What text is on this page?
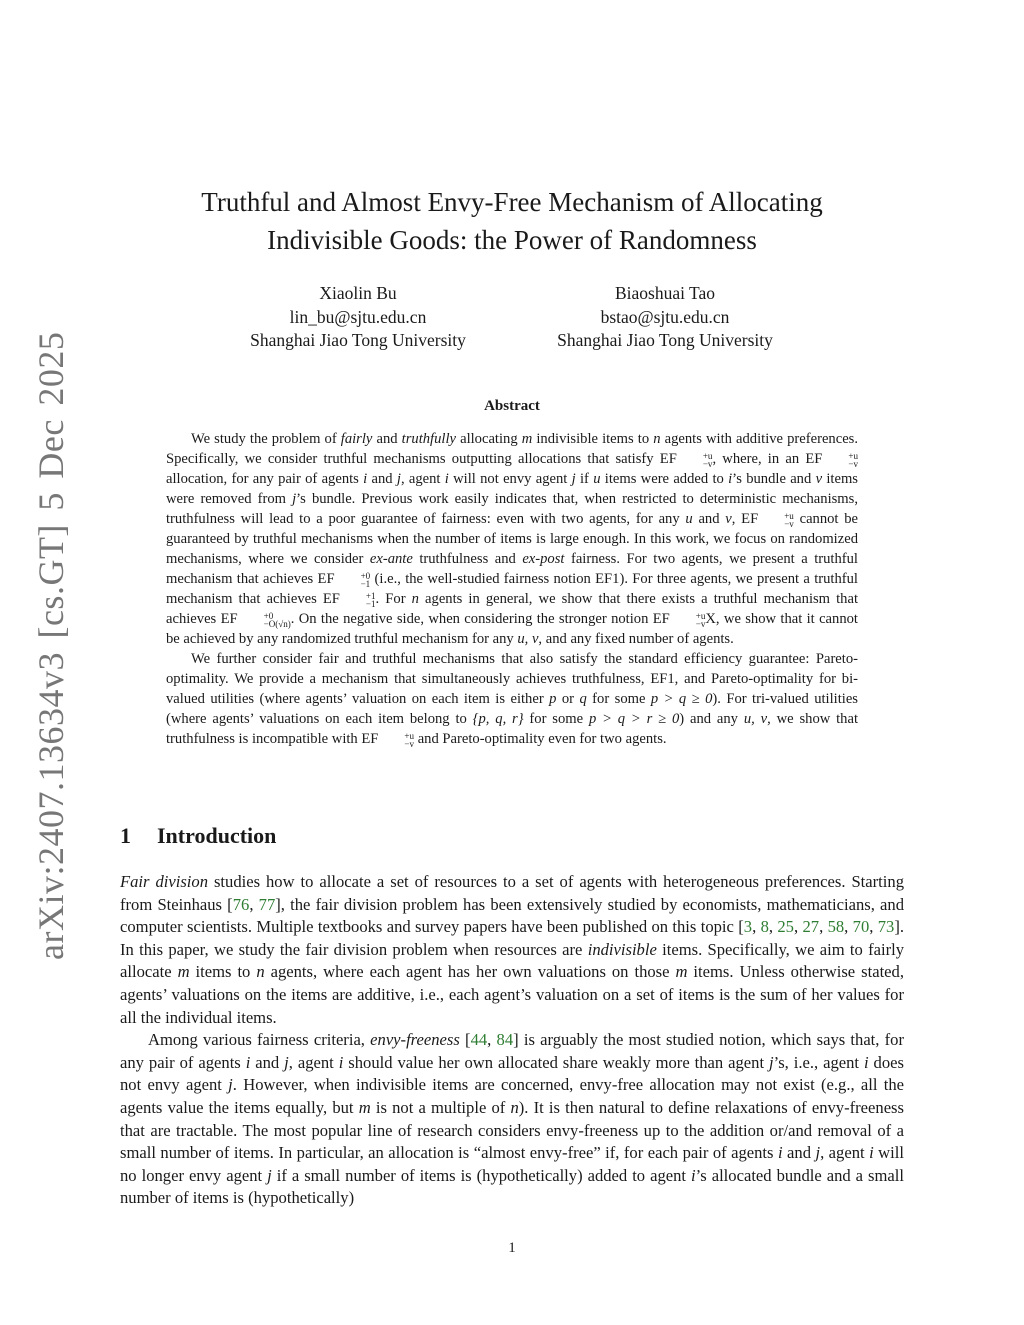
arXiv:2407.13634v3 [cs.GT] 5 Dec 2025
Truthful and Almost Envy-Free Mechanism of Allocating
Indivisible Goods: the Power of Randomness
Xiaolin Bu
lin_bu@sjtu.edu.cn
Shanghai Jiao Tong University
Biaoshuai Tao
bstao@sjtu.edu.cn
Shanghai Jiao Tong University
Abstract

We study the problem of fairly and truthfully allocating m indivisible items to n agents with additive preferences. Specifically, we consider truthful mechanisms outputting allocations that satisfy EF	+u
−v , where, in an EF	+u
−v
allocation, for any pair of agents i and j, agent i will not envy agent j if u items were added to i’s bundle and v items were removed from j’s bundle. Previous work easily indicates that, when restricted to deterministic mechanisms, truthfulness will lead to a poor guarantee of fairness: even with two agents, for any u and v, EF	+u
−v cannot be guaranteed by truthful mechanisms when the number of items is large enough. In this work, we focus on randomized mechanisms, where we consider ex-ante truthfulness and ex-post fairness. For two agents, we present a truthful mechanism that achieves EF	+0
−1 (i.e., the well-studied fairness notion EF1). For three agents, we present a truthful mechanism that achieves EF	+1
−1 . For n agents in general, we show that there exists a truthful mechanism that achieves EF	+0
−O(√n) . On the negative side, when considering the stronger notion EF	+u
−v X, we show that it cannot be achieved by any randomized truthful mechanism for any u, v, and any fixed number of agents.

We further consider fair and truthful mechanisms that also satisfy the standard efficiency guarantee: Pareto-optimality. We provide a mechanism that simultaneously achieves truthfulness, EF1, and Pareto-optimality for bi-valued utilities (where agents’ valuation on each item is either p or q for some p > q ≥ 0). For tri-valued utilities (where agents’ valuations on each item belong to {p, q, r} for some p > q > r ≥ 0) and any u, v, we show that truthfulness is incompatible with EF	+u
−v and Pareto-optimality even for two agents.

1 Introduction

Fair division studies how to allocate a set of resources to a set of agents with heterogeneous preferences. Starting from Steinhaus [76, 77], the fair division problem has been extensively studied by economists, mathematicians, and computer scientists. Multiple textbooks and survey papers have been published on this topic [3, 8, 25, 27, 58, 70, 73]. In this paper, we study the fair division problem when resources are indivisible items. Specifically, we aim to fairly allocate m items to n agents, where each agent has her own valuations on those m items. Unless otherwise stated, agents’ valuations on the items are additive, i.e., each agent’s valuation on a set of items is the sum of her values for all the individual items.

Among various fairness criteria, envy-freeness [44, 84] is arguably the most studied notion, which says that, for any pair of agents i and j, agent i should value her own allocated share weakly more than agent j’s, i.e., agent i does not envy agent j. However, when indivisible items are concerned, envy-free allocation may not exist (e.g., all the agents value the items equally, but m is not a multiple of n). It is then natural to define relaxations of envy-freeness that are tractable. The most popular line of research considers envy-freeness up to the addition or/and removal of a small number of items. In particular, an allocation is “almost envy-free” if, for each pair of agents i and j, agent i will no longer envy agent j if a small number of items is (hypothetically) added to agent i’s allocated bundle and a small number of items is (hypothetically)

1
